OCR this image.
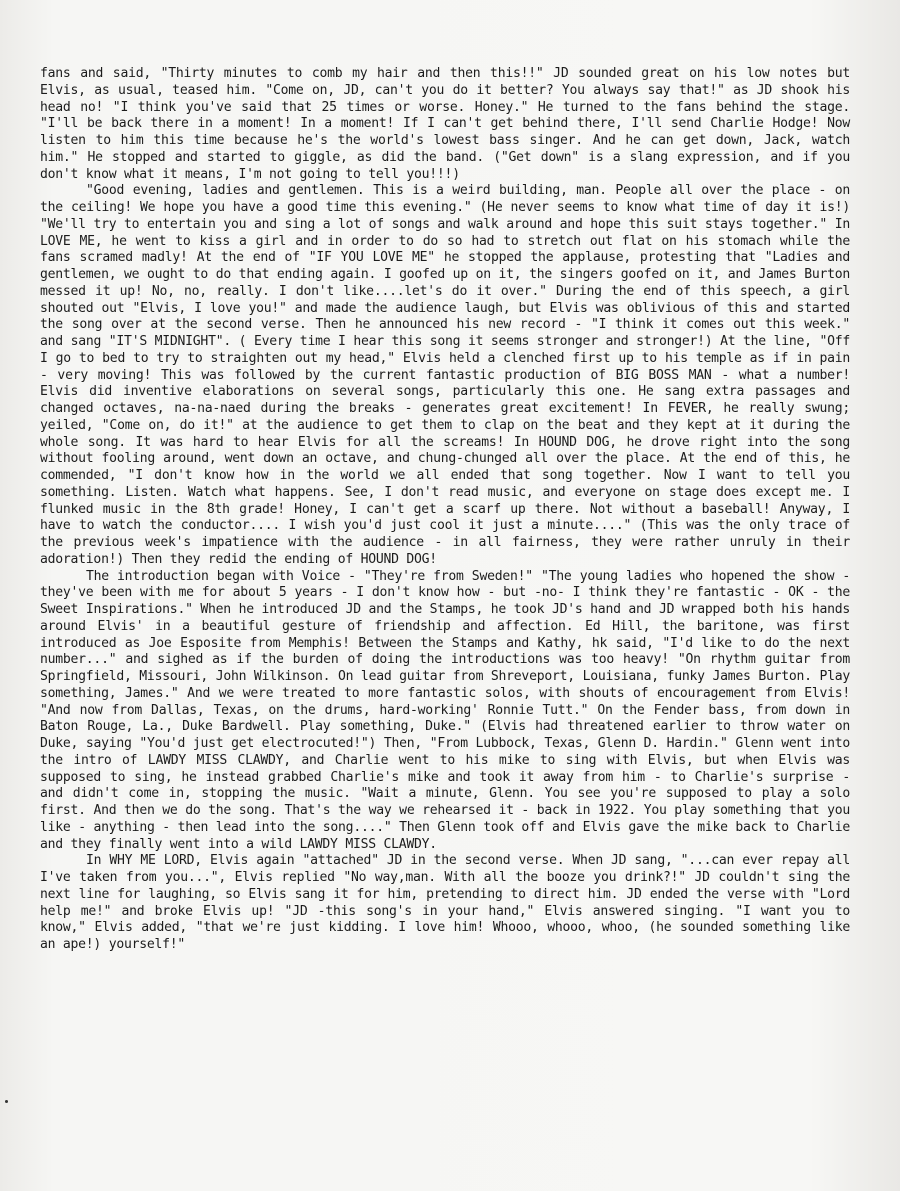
fans and said, "Thirty minutes to comb my hair and then this!!" JD sounded great on his low notes but Elvis, as usual, teased him. "Come on, JD, can't you do it better? You always say that!" as JD shook his head no! "I think you've said that 25 times or worse. Honey." He turned to the fans behind the stage. "I'll be back there in a moment! In a moment! If I can't get behind there, I'll send Charlie Hodge! Now listen to him this time because he's the world's lowest bass singer. And he can get down, Jack, watch him." He stopped and started to giggle, as did the band. ("Get down" is a slang expression, and if you don't know what it means, I'm not going to tell you!!!)

"Good evening, ladies and gentlemen. This is a weird building, man. People all over the place - on the ceiling! We hope you have a good time this evening." (He never seems to know what time of day it is!) "We'll try to entertain you and sing a lot of songs and walk around and hope this suit stays together." In LOVE ME, he went to kiss a girl and in order to do so had to stretch out flat on his stomach while the fans scramed madly! At the end of "IF YOU LOVE ME" he stopped the applause, protesting that "Ladies and gentlemen, we ought to do that ending again. I goofed up on it, the singers goofed on it, and James Burton messed it up! No, no, really. I don't like....let's do it over." During the end of this speech, a girl shouted out "Elvis, I love you!" and made the audience laugh, but Elvis was oblivious of this and started the song over at the second verse. Then he announced his new record - "I think it comes out this week." and sang "IT'S MIDNIGHT". ( Every time I hear this song it seems stronger and stronger!) At the line, "Off I go to bed to try to straighten out my head," Elvis held a clenched first up to his temple as if in pain - very moving! This was followed by the current fantastic production of BIG BOSS MAN - what a number! Elvis did inventive elaborations on several songs, particularly this one. He sang extra passages and changed octaves, na-na-naed during the breaks - generates great excitement! In FEVER, he really swung; yeiled, "Come on, do it!" at the audience to get them to clap on the beat and they kept at it during the whole song. It was hard to hear Elvis for all the screams! In HOUND DOG, he drove right into the song without fooling around, went down an octave, and chung-chunged all over the place. At the end of this, he commended, "I don't know how in the world we all ended that song together. Now I want to tell you something. Listen. Watch what happens. See, I don't read music, and everyone on stage does except me. I flunked music in the 8th grade! Honey, I can't get a scarf up there. Not without a baseball! Anyway, I have to watch the conductor.... I wish you'd just cool it just a minute...." (This was the only trace of the previous week's impatience with the audience - in all fairness, they were rather unruly in their adoration!) Then they redid the ending of HOUND DOG!

The introduction began with Voice - "They're from Sweden!" "The young ladies who hopened the show - they've been with me for about 5 years - I don't know how - but -no- I think they're fantastic - OK - the Sweet Inspirations." When he introduced JD and the Stamps, he took JD's hand and JD wrapped both his hands around Elvis' in a beautiful gesture of friendship and affection. Ed Hill, the baritone, was first introduced as Joe Esposite from Memphis! Between the Stamps and Kathy, hk said, "I'd like to do the next number..." and sighed as if the burden of doing the introductions was too heavy! "On rhythm guitar from Springfield, Missouri, John Wilkinson. On lead guitar from Shreveport, Louisiana, funky James Burton. Play something, James." And we were treated to more fantastic solos, with shouts of encouragement from Elvis! "And now from Dallas, Texas, on the drums, hard-working' Ronnie Tutt." On the Fender bass, from down in Baton Rouge, La., Duke Bardwell. Play something, Duke." (Elvis had threatened earlier to throw water on Duke, saying "You'd just get electrocuted!") Then, "From Lubbock, Texas, Glenn D. Hardin." Glenn went into the intro of LAWDY MISS CLAWDY, and Charlie went to his mike to sing with Elvis, but when Elvis was supposed to sing, he instead grabbed Charlie's mike and took it away from him - to Charlie's surprise - and didn't come in, stopping the music. "Wait a minute, Glenn. You see you're supposed to play a solo first. And then we do the song. That's the way we rehearsed it - back in 1922. You play something that you like - anything - then lead into the song...." Then Glenn took off and Elvis gave the mike back to Charlie and they finally went into a wild LAWDY MISS CLAWDY.

In WHY ME LORD, Elvis again "attached" JD in the second verse. When JD sang, "...can ever repay all I've taken from you...", Elvis replied "No way,man. With all the booze you drink?!" JD couldn't sing the next line for laughing, so Elvis sang it for him, pretending to direct him. JD ended the verse with "Lord help me!" and broke Elvis up! "JD -this song's in your hand," Elvis answered singing. "I want you to know," Elvis added, "that we're just kidding. I love him! Whooo, whooo, whoo, (he sounded something like an ape!) yourself!"
